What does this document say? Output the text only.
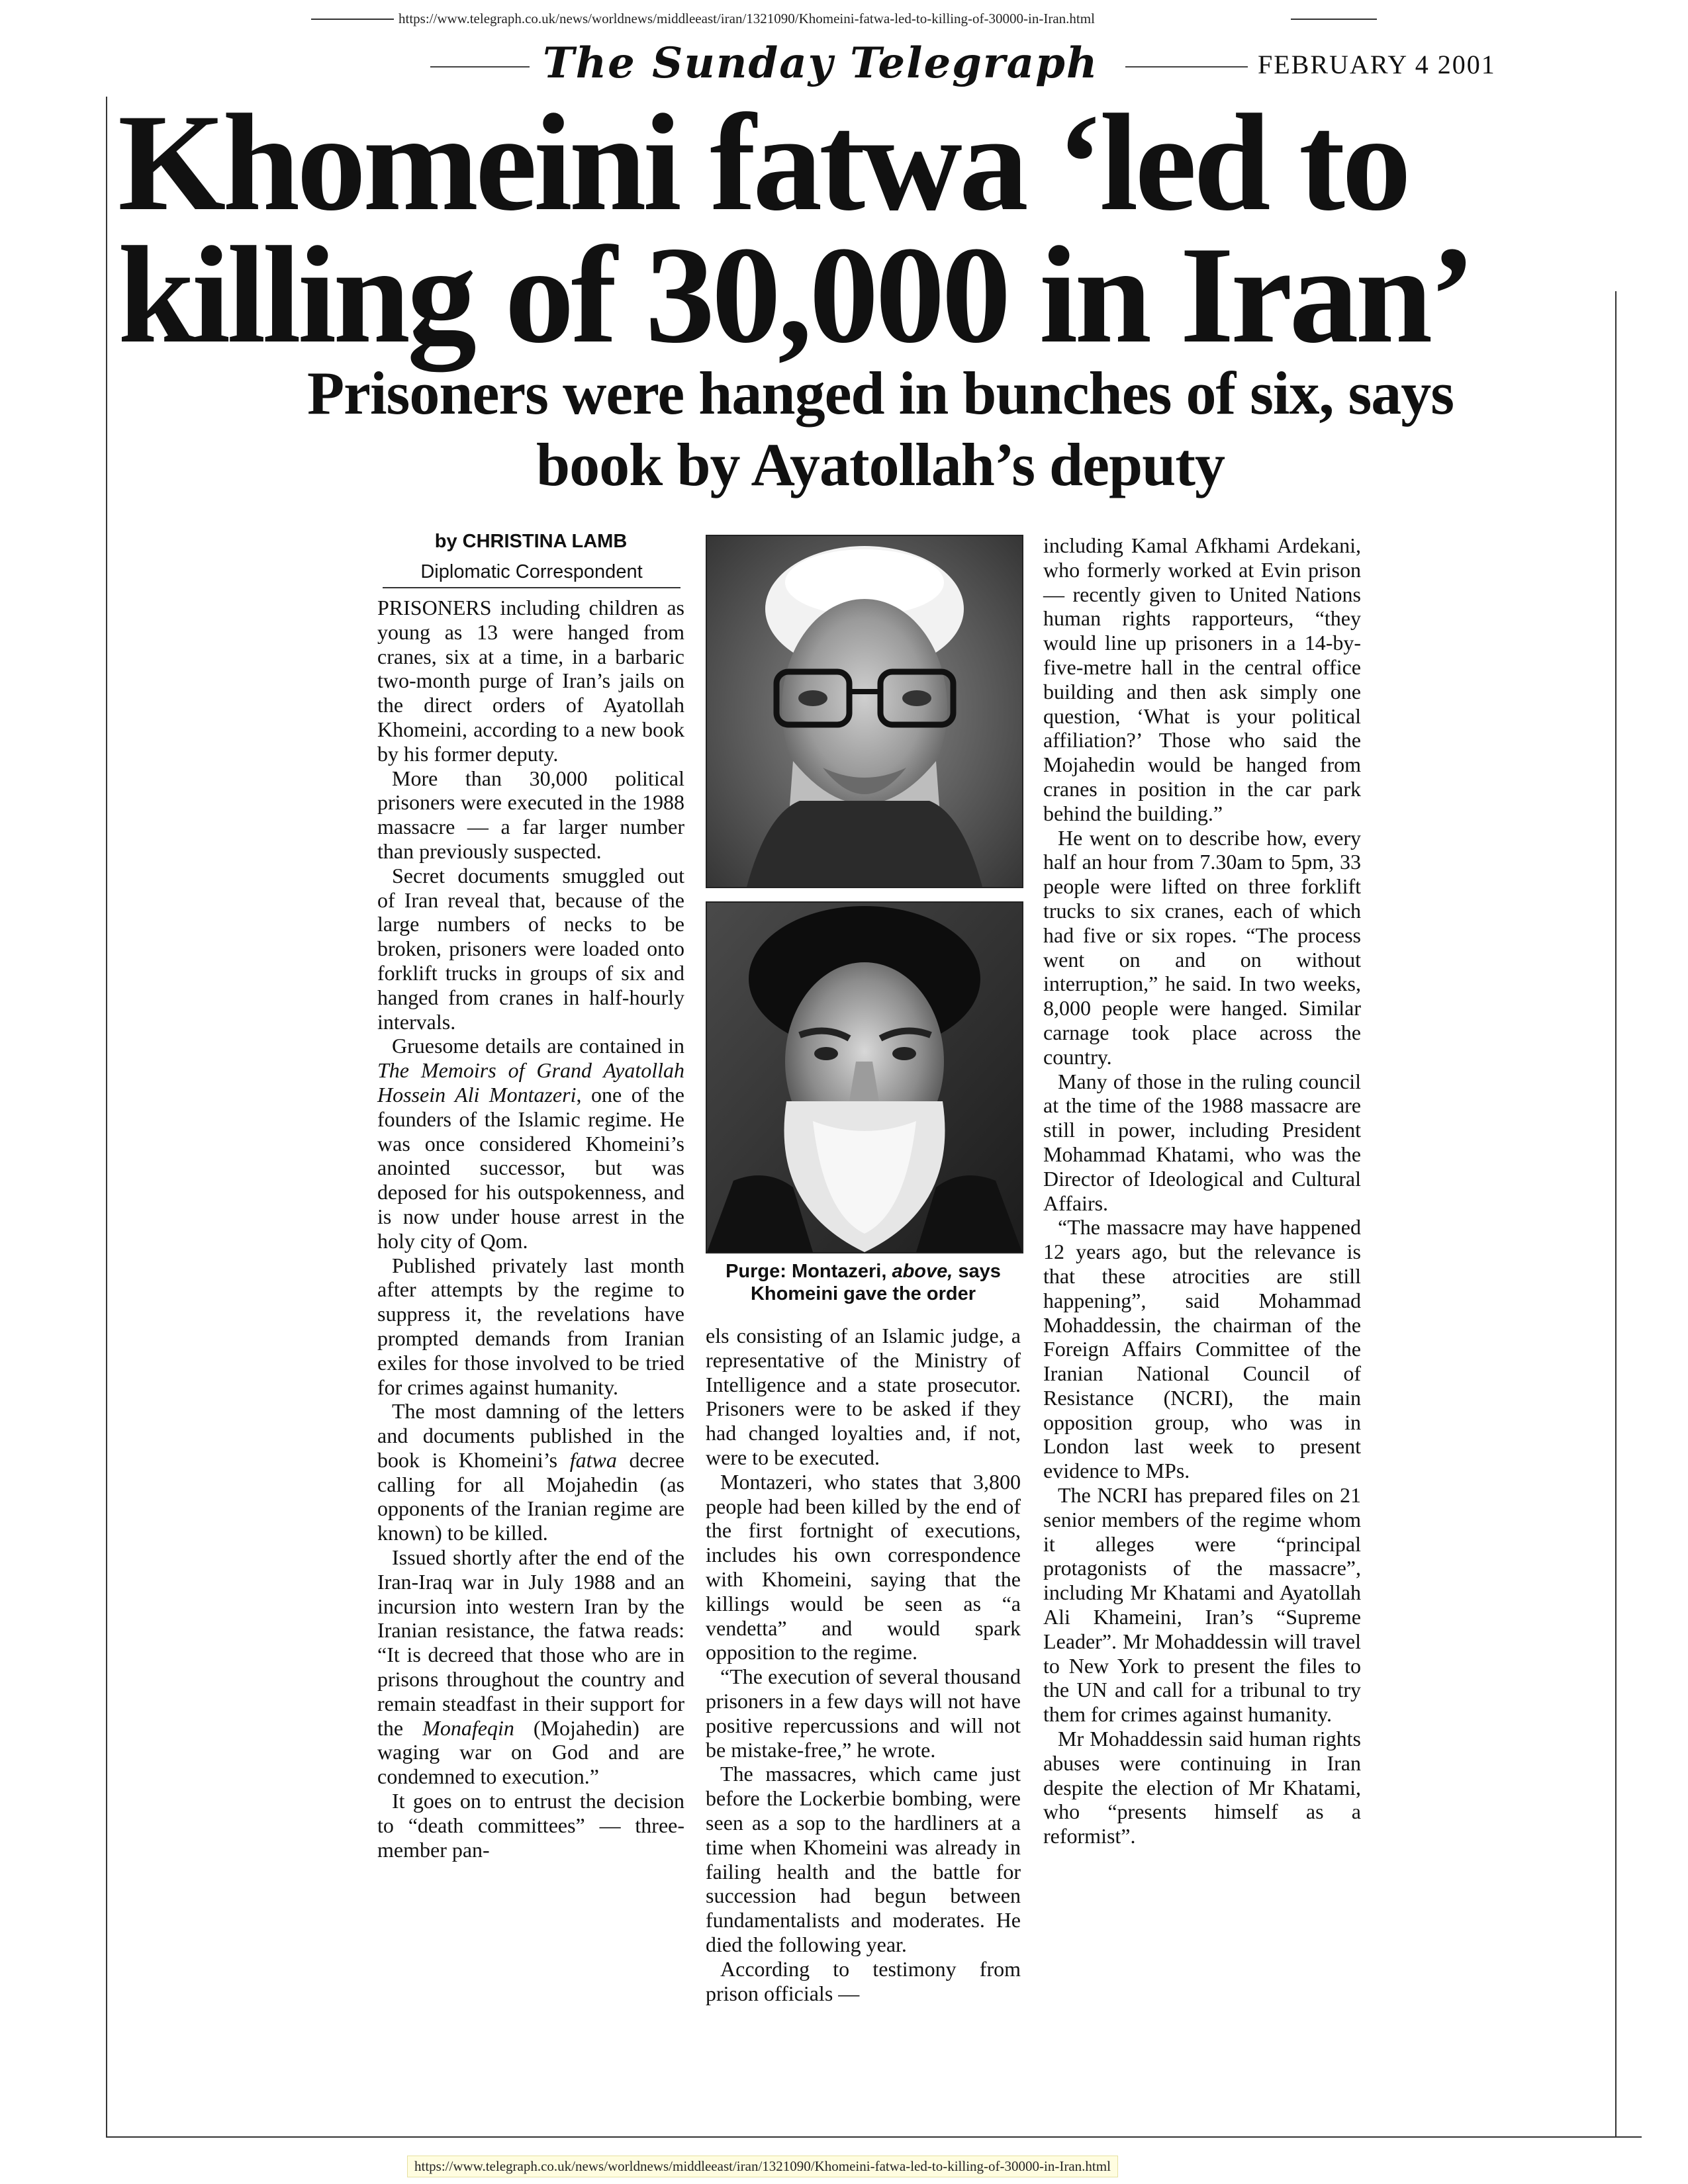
https://www.telegraph.co.uk/news/worldnews/middleeast/iran/1321090/Khomeini-fatwa-led-to-killing-of-30000-in-Iran.html
The Sunday Telegraph	FEBRUARY 4 2001
Khomeini fatwa ‘led to killing of 30,000 in Iran’
Prisoners were hanged in bunches of six, says book by Ayatollah’s deputy
by CHRISTINA LAMB
Diplomatic Correspondent

PRISONERS including children as young as 13 were hanged from cranes, six at a time, in a barbaric two-month purge of Iran’s jails on the direct orders of Ayatollah Khomeini, according to a new book by his former deputy.

More than 30,000 political prisoners were executed in the 1988 massacre — a far larger number than previously suspected.

Secret documents smuggled out of Iran reveal that, because of the large numbers of necks to be broken, prisoners were loaded onto forklift trucks in groups of six and hanged from cranes in half-hourly intervals.

Gruesome details are contained in The Memoirs of Grand Ayatollah Hossein Ali Montazeri, one of the founders of the Islamic regime. He was once considered Khomeini’s anointed successor, but was deposed for his outspokenness, and is now under house arrest in the holy city of Qom.

Published privately last month after attempts by the regime to suppress it, the revelations have prompted demands from Iranian exiles for those involved to be tried for crimes against humanity.

The most damning of the letters and documents published in the book is Khomeini’s fatwa decree calling for all Mojahedin (as opponents of the Iranian regime are known) to be killed.

Issued shortly after the end of the Iran-Iraq war in July 1988 and an incursion into western Iran by the Iranian resistance, the fatwa reads: “It is decreed that those who are in prisons throughout the country and remain steadfast in their support for the Monafeqin (Mojahedin) are waging war on God and are condemned to execution.”

It goes on to entrust the decision to “death committees” — three-member pan-

Purge: Montazeri, above, says Khomeini gave the order

els consisting of an Islamic judge, a representative of the Ministry of Intelligence and a state prosecutor. Prisoners were to be asked if they had changed loyalties and, if not, were to be executed.

Montazeri, who states that 3,800 people had been killed by the end of the first fortnight of executions, includes his own correspondence with Khomeini, saying that the killings would be seen as “a vendetta” and would spark opposition to the regime.

“The execution of several thousand prisoners in a few days will not have positive repercussions and will not be mistake-free,” he wrote.

The massacres, which came just before the Lockerbie bombing, were seen as a sop to the hardliners at a time when Khomeini was already in failing health and the battle for succession had begun between fundamentalists and moderates. He died the following year.

According to testimony from prison officials —

including Kamal Afkhami Ardekani, who formerly worked at Evin prison — recently given to United Nations human rights rapporteurs, “they would line up prisoners in a 14-by-five-metre hall in the central office building and then ask simply one question, ‘What is your political affiliation?’ Those who said the Mojahedin would be hanged from cranes in position in the car park behind the building.”

He went on to describe how, every half an hour from 7.30am to 5pm, 33 people were lifted on three forklift trucks to six cranes, each of which had five or six ropes. “The process went on and on without interruption,” he said. In two weeks, 8,000 people were hanged. Similar carnage took place across the country.

Many of those in the ruling council at the time of the 1988 massacre are still in power, including President Mohammad Khatami, who was the Director of Ideological and Cultural Affairs.

“The massacre may have happened 12 years ago, but the relevance is that these atrocities are still happening”, said Mohammad Mohaddessin, the chairman of the Foreign Affairs Committee of the Iranian National Council of Resistance (NCRI), the main opposition group, who was in London last week to present evidence to MPs.

The NCRI has prepared files on 21 senior members of the regime whom it alleges were “principal protagonists of the massacre”, including Mr Khatami and Ayatollah Ali Khameini, Iran’s “Supreme Leader”. Mr Mohaddessin will travel to New York to present the files to the UN and call for a tribunal to try them for crimes against humanity.

Mr Mohaddessin said human rights abuses were continuing in Iran despite the election of Mr Khatami, who “presents himself as a reformist”.

https://www.telegraph.co.uk/news/worldnews/middleeast/iran/1321090/Khomeini-fatwa-led-to-killing-of-30000-in-Iran.html
